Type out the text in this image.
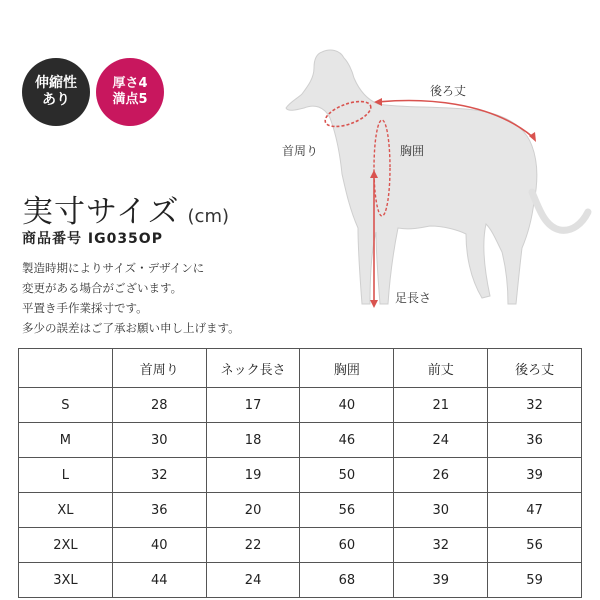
伸縮性
あり
厚さ4
満点5
後ろ丈
首周り	胸囲
足長さ
実寸サイズ (cm)
商品番号 IG035OP
製造時期によりサイズ・デザインに
変更がある場合がございます。
平置き手作業採寸です。
多少の誤差はご了承お願い申し上げます。
	首周り	ネック長さ	胸囲	前丈	後ろ丈
S	28	17	40	21	32
M	30	18	46	24	36
L	32	19	50	26	39
XL	36	20	56	30	47
2XL	40	22	60	32	56
3XL	44	24	68	39	59
